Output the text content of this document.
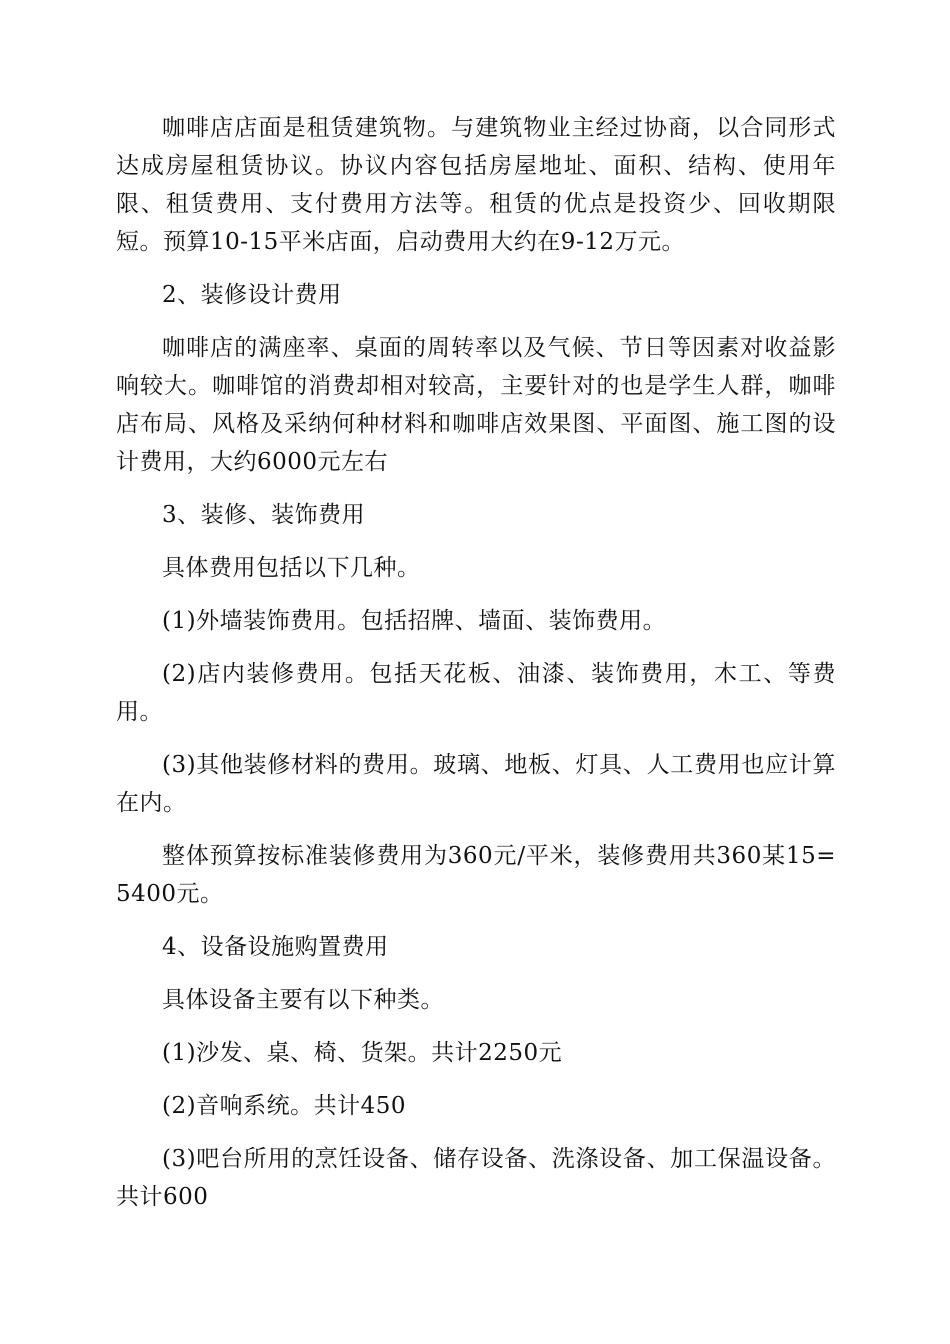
咖啡店店面是租赁建筑物。与建筑物业主经过协商，以合同形式达成房屋租赁协议。协议内容包括房屋地址、面积、结构、使用年限、租赁费用、支付费用方法等。租赁的优点是投资少、回收期限短。预算10-15平米店面，启动费用大约在9-12万元。

2、装修设计费用

咖啡店的满座率、桌面的周转率以及气候、节日等因素对收益影响较大。咖啡馆的消费却相对较高，主要针对的也是学生人群，咖啡店布局、风格及采纳何种材料和咖啡店效果图、平面图、施工图的设计费用，大约6000元左右

3、装修、装饰费用

具体费用包括以下几种。

(1)外墙装饰费用。包括招牌、墙面、装饰费用。

(2)店内装修费用。包括天花板、油漆、装饰费用，木工、等费用。

(3)其他装修材料的费用。玻璃、地板、灯具、人工费用也应计算在内。

整体预算按标准装修费用为360元/平米，装修费用共360某15=5400元。

4、设备设施购置费用

具体设备主要有以下种类。

(1)沙发、桌、椅、货架。共计2250元

(2)音响系统。共计450

(3)吧台所用的烹饪设备、储存设备、洗涤设备、加工保温设备。共计600
